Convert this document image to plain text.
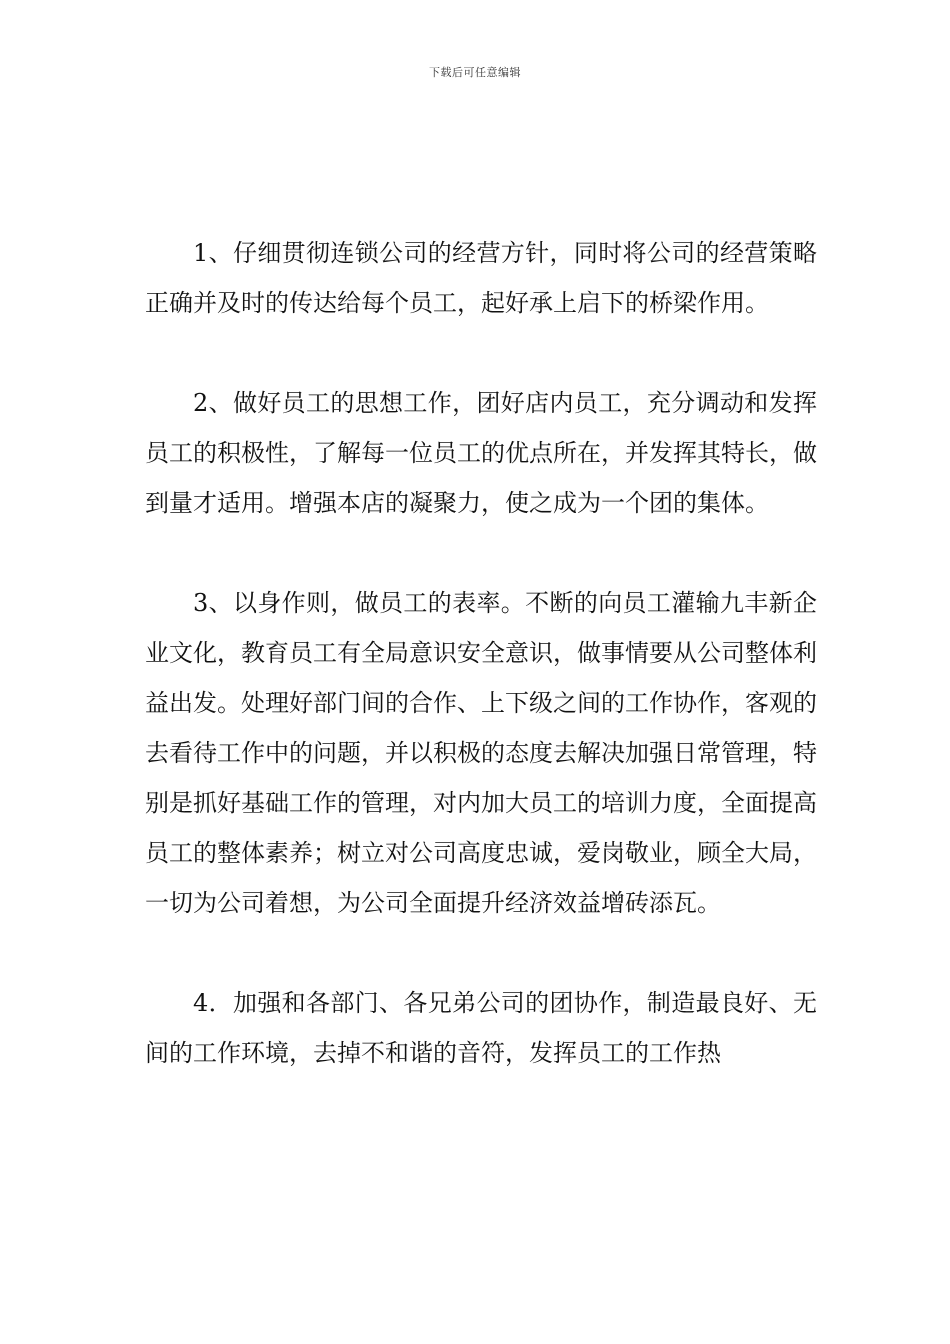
下载后可任意编辑

1、仔细贯彻连锁公司的经营方针，同时将公司的经营策略正确并及时的传达给每个员工，起好承上启下的桥梁作用。

2、做好员工的思想工作，团好店内员工，充分调动和发挥员工的积极性，了解每一位员工的优点所在，并发挥其特长，做到量才适用。增强本店的凝聚力，使之成为一个团的集体。

3、以身作则，做员工的表率。不断的向员工灌输九丰新企业文化，教育员工有全局意识安全意识，做事情要从公司整体利益出发。处理好部门间的合作、上下级之间的工作协作，客观的去看待工作中的问题，并以积极的态度去解决加强日常管理，特别是抓好基础工作的管理，对内加大员工的培训力度，全面提高员工的整体素养；树立对公司高度忠诚，爱岗敬业，顾全大局，一切为公司着想，为公司全面提升经济效益增砖添瓦。

4．加强和各部门、各兄弟公司的团协作，制造最良好、无间的工作环境，去掉不和谐的音符，发挥员工的工作热
